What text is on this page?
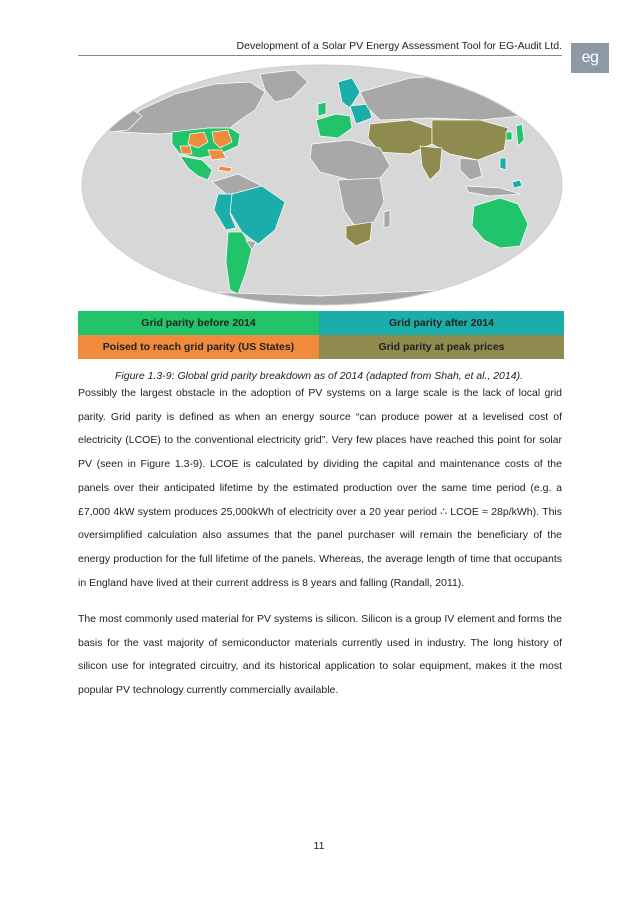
Development of a Solar PV Energy Assessment Tool for EG-Audit Ltd.
eg
Grid parity before 2014	Grid parity after 2014
Poised to reach grid parity (US States)	Grid parity at peak prices
Figure 1.3-9: Global grid parity breakdown as of 2014 (adapted from Shah, et al., 2014).

Possibly the largest obstacle in the adoption of PV systems on a large scale is the lack of local grid parity. Grid parity is defined as when an energy source “can produce power at a levelised cost of electricity (LCOE) to the conventional electricity grid”. Very few places have reached this point for solar PV (seen in Figure 1.3-9). LCOE is calculated by dividing the capital and maintenance costs of the panels over their anticipated lifetime by the estimated production over the same time period (e.g. a £7,000 4kW system produces 25,000kWh of electricity over a 20 year period ∴ LCOE ≈ 28p/kWh). This oversimplified calculation also assumes that the panel purchaser will remain the beneficiary of the energy production for the full lifetime of the panels. Whereas, the average length of time that occupants in England have lived at their current address is 8 years and falling (Randall, 2011).

The most commonly used material for PV systems is silicon. Silicon is a group IV element and forms the basis for the vast majority of semiconductor materials currently used in industry. The long history of silicon use for integrated circuitry, and its historical application to solar equipment, makes it the most popular PV technology currently commercially available.

11
